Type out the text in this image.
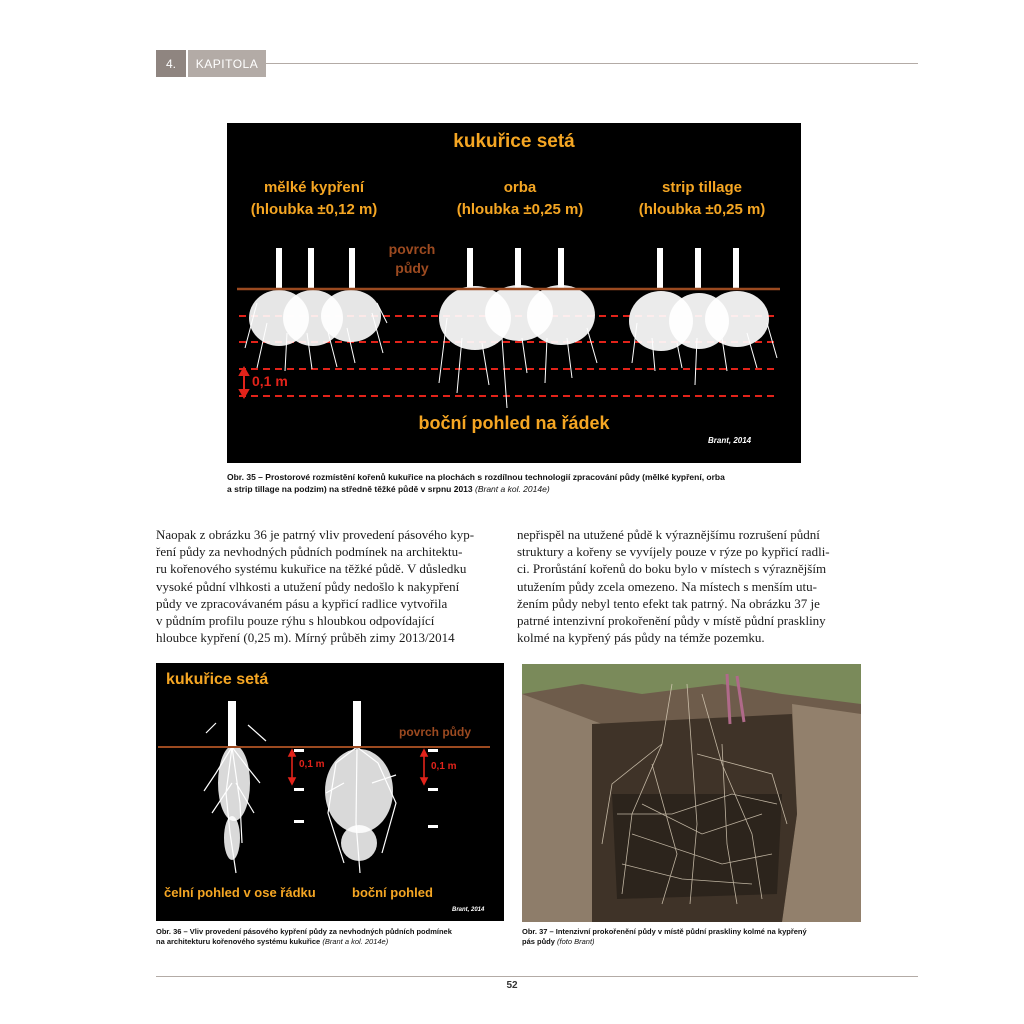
4.	KAPITOLA
kukuřice setá
mělké kypření
(hloubka ±0,12 m)
orba
(hloubka ±0,25 m)
strip tillage
(hloubka ±0,25 m)
povrch
půdy
0,1 m
boční pohled na řádek
Brant, 2014
Obr. 35 – Prostorové rozmístění kořenů kukuřice na plochách s rozdílnou technologií zpracování půdy (mělké kypření, orba
a strip tillage na podzim) na středně těžké půdě v srpnu 2013 (Brant a kol. 2014e)
Naopak z obrázku 36 je patrný vliv provedení pásového kyp-
ření půdy za nevhodných půdních podmínek na architektu-
ru kořenového systému kukuřice na těžké půdě. V důsledku
vysoké půdní vlhkosti a utužení půdy nedošlo k nakypření
půdy ve zpracovávaném pásu a kypřicí radlice vytvořila
v půdním profilu pouze rýhu s hloubkou odpovídající
hloubce kypření (0,25 m). Mírný průběh zimy 2013/2014
nepřispěl na utužené půdě k výraznějšímu rozrušení půdní
struktury a kořeny se vyvíjely pouze v rýze po kypřicí radli-
ci. Prorůstání kořenů do boku bylo v místech s výraznějším
utužením půdy zcela omezeno. Na místech s menším utu-
žením půdy nebyl tento efekt tak patrný. Na obrázku 37 je
patrné intenzivní prokořenění půdy v místě půdní praskliny
kolmé na kypřený pás půdy na témže pozemku.
kukuřice setá
povrch půdy
0,1 m	0,1 m
čelní pohled v ose řádku	boční pohled
Brant, 2014
Obr. 36 – Vliv provedení pásového kypření půdy za nevhodných půdních podmínek
na architekturu kořenového systému kukuřice (Brant a kol. 2014e)
Obr. 37 – Intenzivní prokořenění půdy v místě půdní praskliny kolmé na kypřený
pás půdy (foto Brant)
52
